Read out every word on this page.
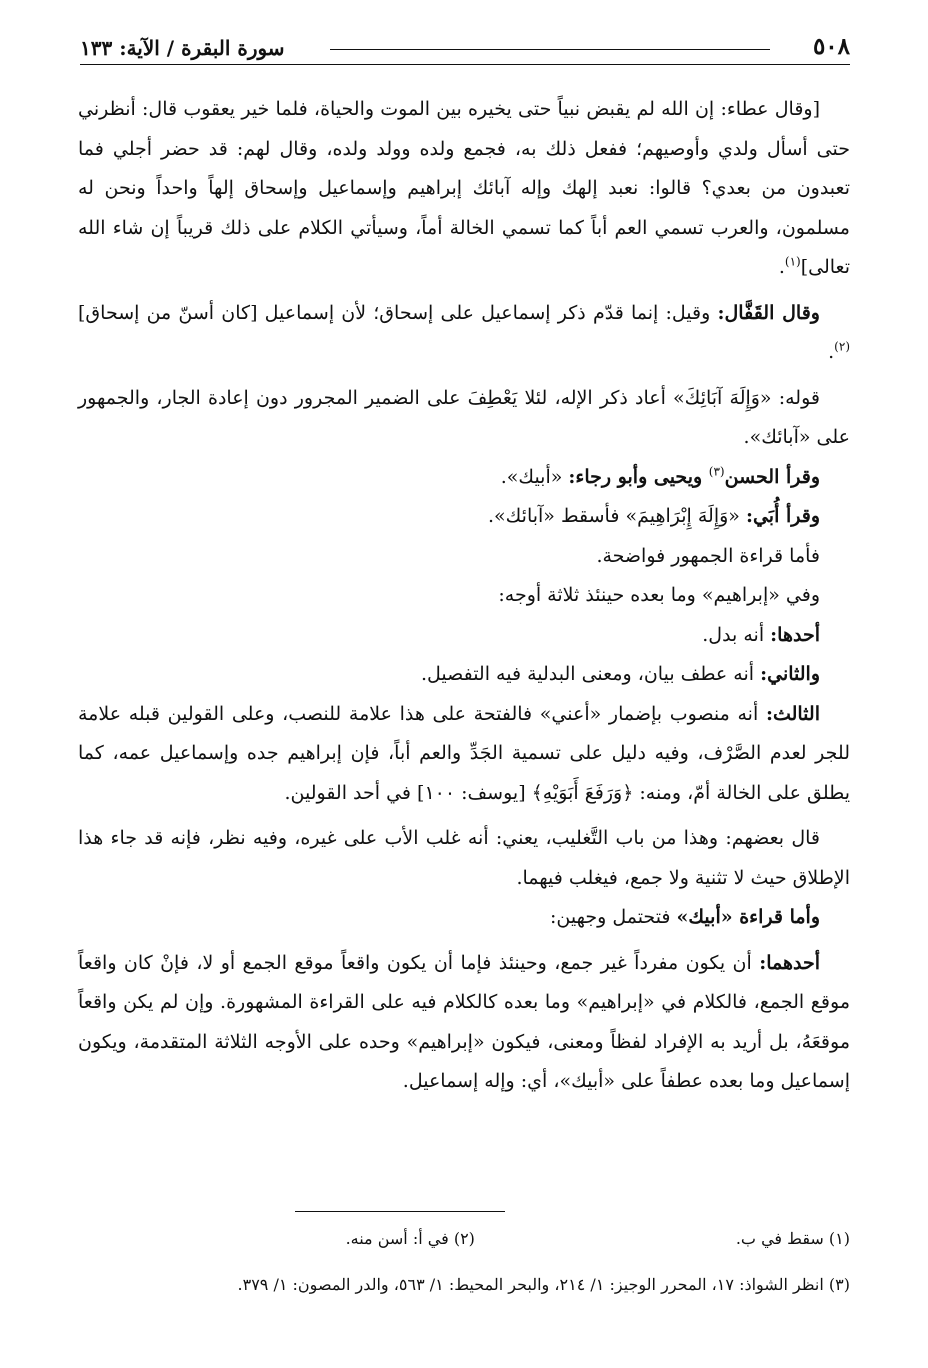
٥٠٨
سورة البقرة / الآية: ١٣٣

[وقال عطاء: إن الله لم يقبض نبياً حتى يخيره بين الموت والحياة، فلما خير يعقوب قال: أنظرني حتى أسأل ولدي وأوصيهم؛ ففعل ذلك به، فجمع ولده وولد ولده، وقال لهم: قد حضر أجلي فما تعبدون من بعدي؟ قالوا: نعبد إلهك وإله آبائك إبراهيم وإسماعيل وإسحاق إلهاً واحداً ونحن له مسلمون، والعرب تسمي العم أباً كما تسمي الخالة أماً، وسيأتي الكلام على ذلك قريباً إن شاء الله تعالى]$^{(١)}$.

وقال القَفَّال: وقيل: إنما قدّم ذكر إسماعيل على إسحاق؛ لأن إسماعيل [كان أسنّ من إسحاق]$^{(٢)}$.

قوله: «وَإِلَهَ آبَائِكَ» أعاد ذكر الإله، لئلا يَعْطِفَ على الضمير المجرور دون إعادة الجار، والجمهور على «آبائك».

وقرأ الحسن$^{(٣)}$ ويحيى وأبو رجاء: «أبيك».

وقرأ أُبَي: «وَإِلَهَ إِبْرَاهِيمَ» فأسقط «آبائك».

فأما قراءة الجمهور فواضحة.

وفي «إبراهيم» وما بعده حينئذ ثلاثة أوجه:

أحدها: أنه بدل.

والثاني: أنه عطف بيان، ومعنى البدلية فيه التفصيل.

الثالث: أنه منصوب بإضمار «أعني» فالفتحة على هذا علامة للنصب، وعلى القولين قبله علامة للجر لعدم الصَّرْف، وفيه دليل على تسمية الجَدِّ والعم أباً، فإن إبراهيم جده وإسماعيل عمه، كما يطلق على الخالة أمّ، ومنه: ﴿وَرَفَعَ أَبَوَيْهِ﴾ [يوسف: ١٠٠] في أحد القولين.

قال بعضهم: وهذا من باب التَّغليب، يعني: أنه غلب الأب على غيره، وفيه نظر، فإنه قد جاء هذا الإطلاق حيث لا تثنية ولا جمع، فيغلب فيهما.

وأما قراءة «أبيك» فتحتمل وجهين:

أحدهما: أن يكون مفرداً غير جمع، وحينئذ فإما أن يكون واقعاً موقع الجمع أو لا، فإنْ كان واقعاً موقع الجمع، فالكلام في «إبراهيم» وما بعده كالكلام فيه على القراءة المشهورة. وإن لم يكن واقعاً موقعَهُ، بل أريد به الإفراد لفظاً ومعنى، فيكون «إبراهيم» وحده على الأوجه الثلاثة المتقدمة، ويكون إسماعيل وما بعده عطفاً على «أبيك»، أي: وإله إسماعيل.

(١) سقط في ب. (٢) في أ: أسن منه.
(٣) انظر الشواذ: ١٧، المحرر الوجيز: ١/ ٢١٤، والبحر المحيط: ١/ ٥٦٣، والدر المصون: ١/ ٣٧٩.
